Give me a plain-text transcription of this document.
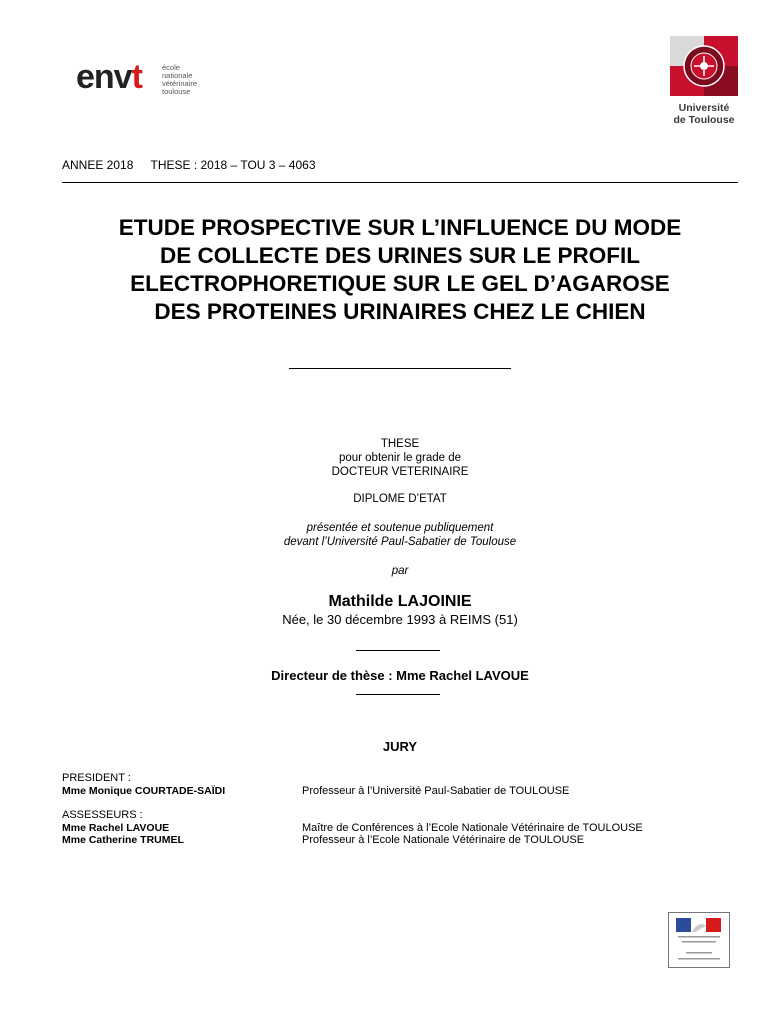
envt	école
nationale
vétérinaire
toulouse
Université
de Toulouse
ANNEE 2018 THESE : 2018 – TOU 3 – 4063
ETUDE PROSPECTIVE SUR L’INFLUENCE DU MODE
DE COLLECTE DES URINES SUR LE PROFIL
ELECTROPHORETIQUE SUR LE GEL D’AGAROSE
DES PROTEINES URINAIRES CHEZ LE CHIEN
THESE
pour obtenir le grade de
DOCTEUR VETERINAIRE
DIPLOME D’ETAT
présentée et soutenue publiquement
devant l’Université Paul-Sabatier de Toulouse
par
Mathilde LAJOINIE
Née, le 30 décembre 1993 à REIMS (51)
Directeur de thèse : Mme Rachel LAVOUE
JURY
PRESIDENT :
Mme Monique COURTADE-SAÏDI	Professeur à l’Université Paul-Sabatier de TOULOUSE
ASSESSEURS :
Mme Rachel LAVOUE	Maître de Conférences à l’Ecole Nationale Vétérinaire de TOULOUSE
Mme Catherine TRUMEL	Professeur à l’Ecole Nationale Vétérinaire de TOULOUSE
